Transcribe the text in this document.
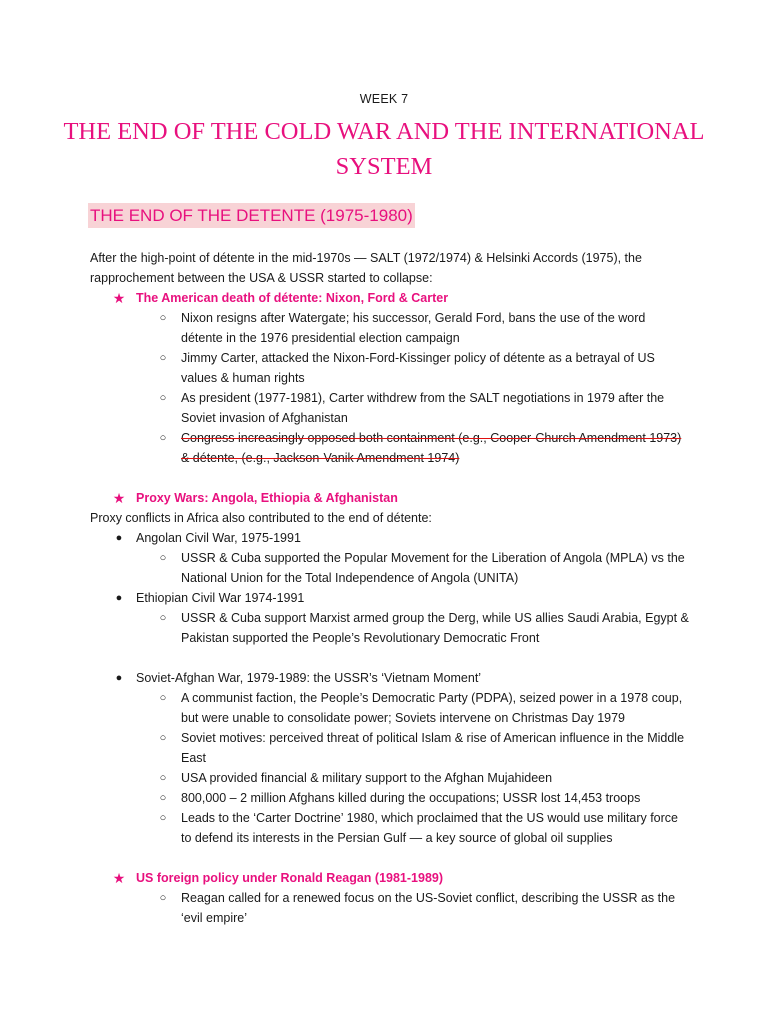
WEEK 7
THE END OF THE COLD WAR AND THE INTERNATIONAL SYSTEM
THE END OF THE DETENTE (1975-1980)

After the high-point of détente in the mid-1970s — SALT (1972/1974) & Helsinki Accords (1975), the rapprochement between the USA & USSR started to collapse:

★ The American death of détente: Nixon, Ford & Carter
○ Nixon resigns after Watergate; his successor, Gerald Ford, bans the use of the word détente in the 1976 presidential election campaign
○ Jimmy Carter, attacked the Nixon-Ford-Kissinger policy of détente as a betrayal of US values & human rights
○ As president (1977-1981), Carter withdrew from the SALT negotiations in 1979 after the Soviet invasion of Afghanistan
○ Congress increasingly opposed both containment (e.g., Cooper-Church Amendment 1973) & détente, (e.g., Jackson-Vanik Amendment 1974)
★ Proxy Wars: Angola, Ethiopia & Afghanistan

Proxy conflicts in Africa also contributed to the end of détente:

● Angolan Civil War, 1975-1991
○ USSR & Cuba supported the Popular Movement for the Liberation of Angola (MPLA) vs the National Union for the Total Independence of Angola (UNITA)
● Ethiopian Civil War 1974-1991
○ USSR & Cuba support Marxist armed group the Derg, while US allies Saudi Arabia, Egypt & Pakistan supported the People’s Revolutionary Democratic Front
● Soviet-Afghan War, 1979-1989: the USSR’s ‘Vietnam Moment’
○ A communist faction, the People’s Democratic Party (PDPA), seized power in a 1978 coup, but were unable to consolidate power; Soviets intervene on Christmas Day 1979
○ Soviet motives: perceived threat of political Islam & rise of American influence in the Middle East
○ USA provided financial & military support to the Afghan Mujahideen
○ 800,000 – 2 million Afghans killed during the occupations; USSR lost 14,453 troops
○ Leads to the ‘Carter Doctrine’ 1980, which proclaimed that the US would use military force to defend its interests in the Persian Gulf — a key source of global oil supplies
★ US foreign policy under Ronald Reagan (1981-1989)
○ Reagan called for a renewed focus on the US-Soviet conflict, describing the USSR as the ‘evil empire’
